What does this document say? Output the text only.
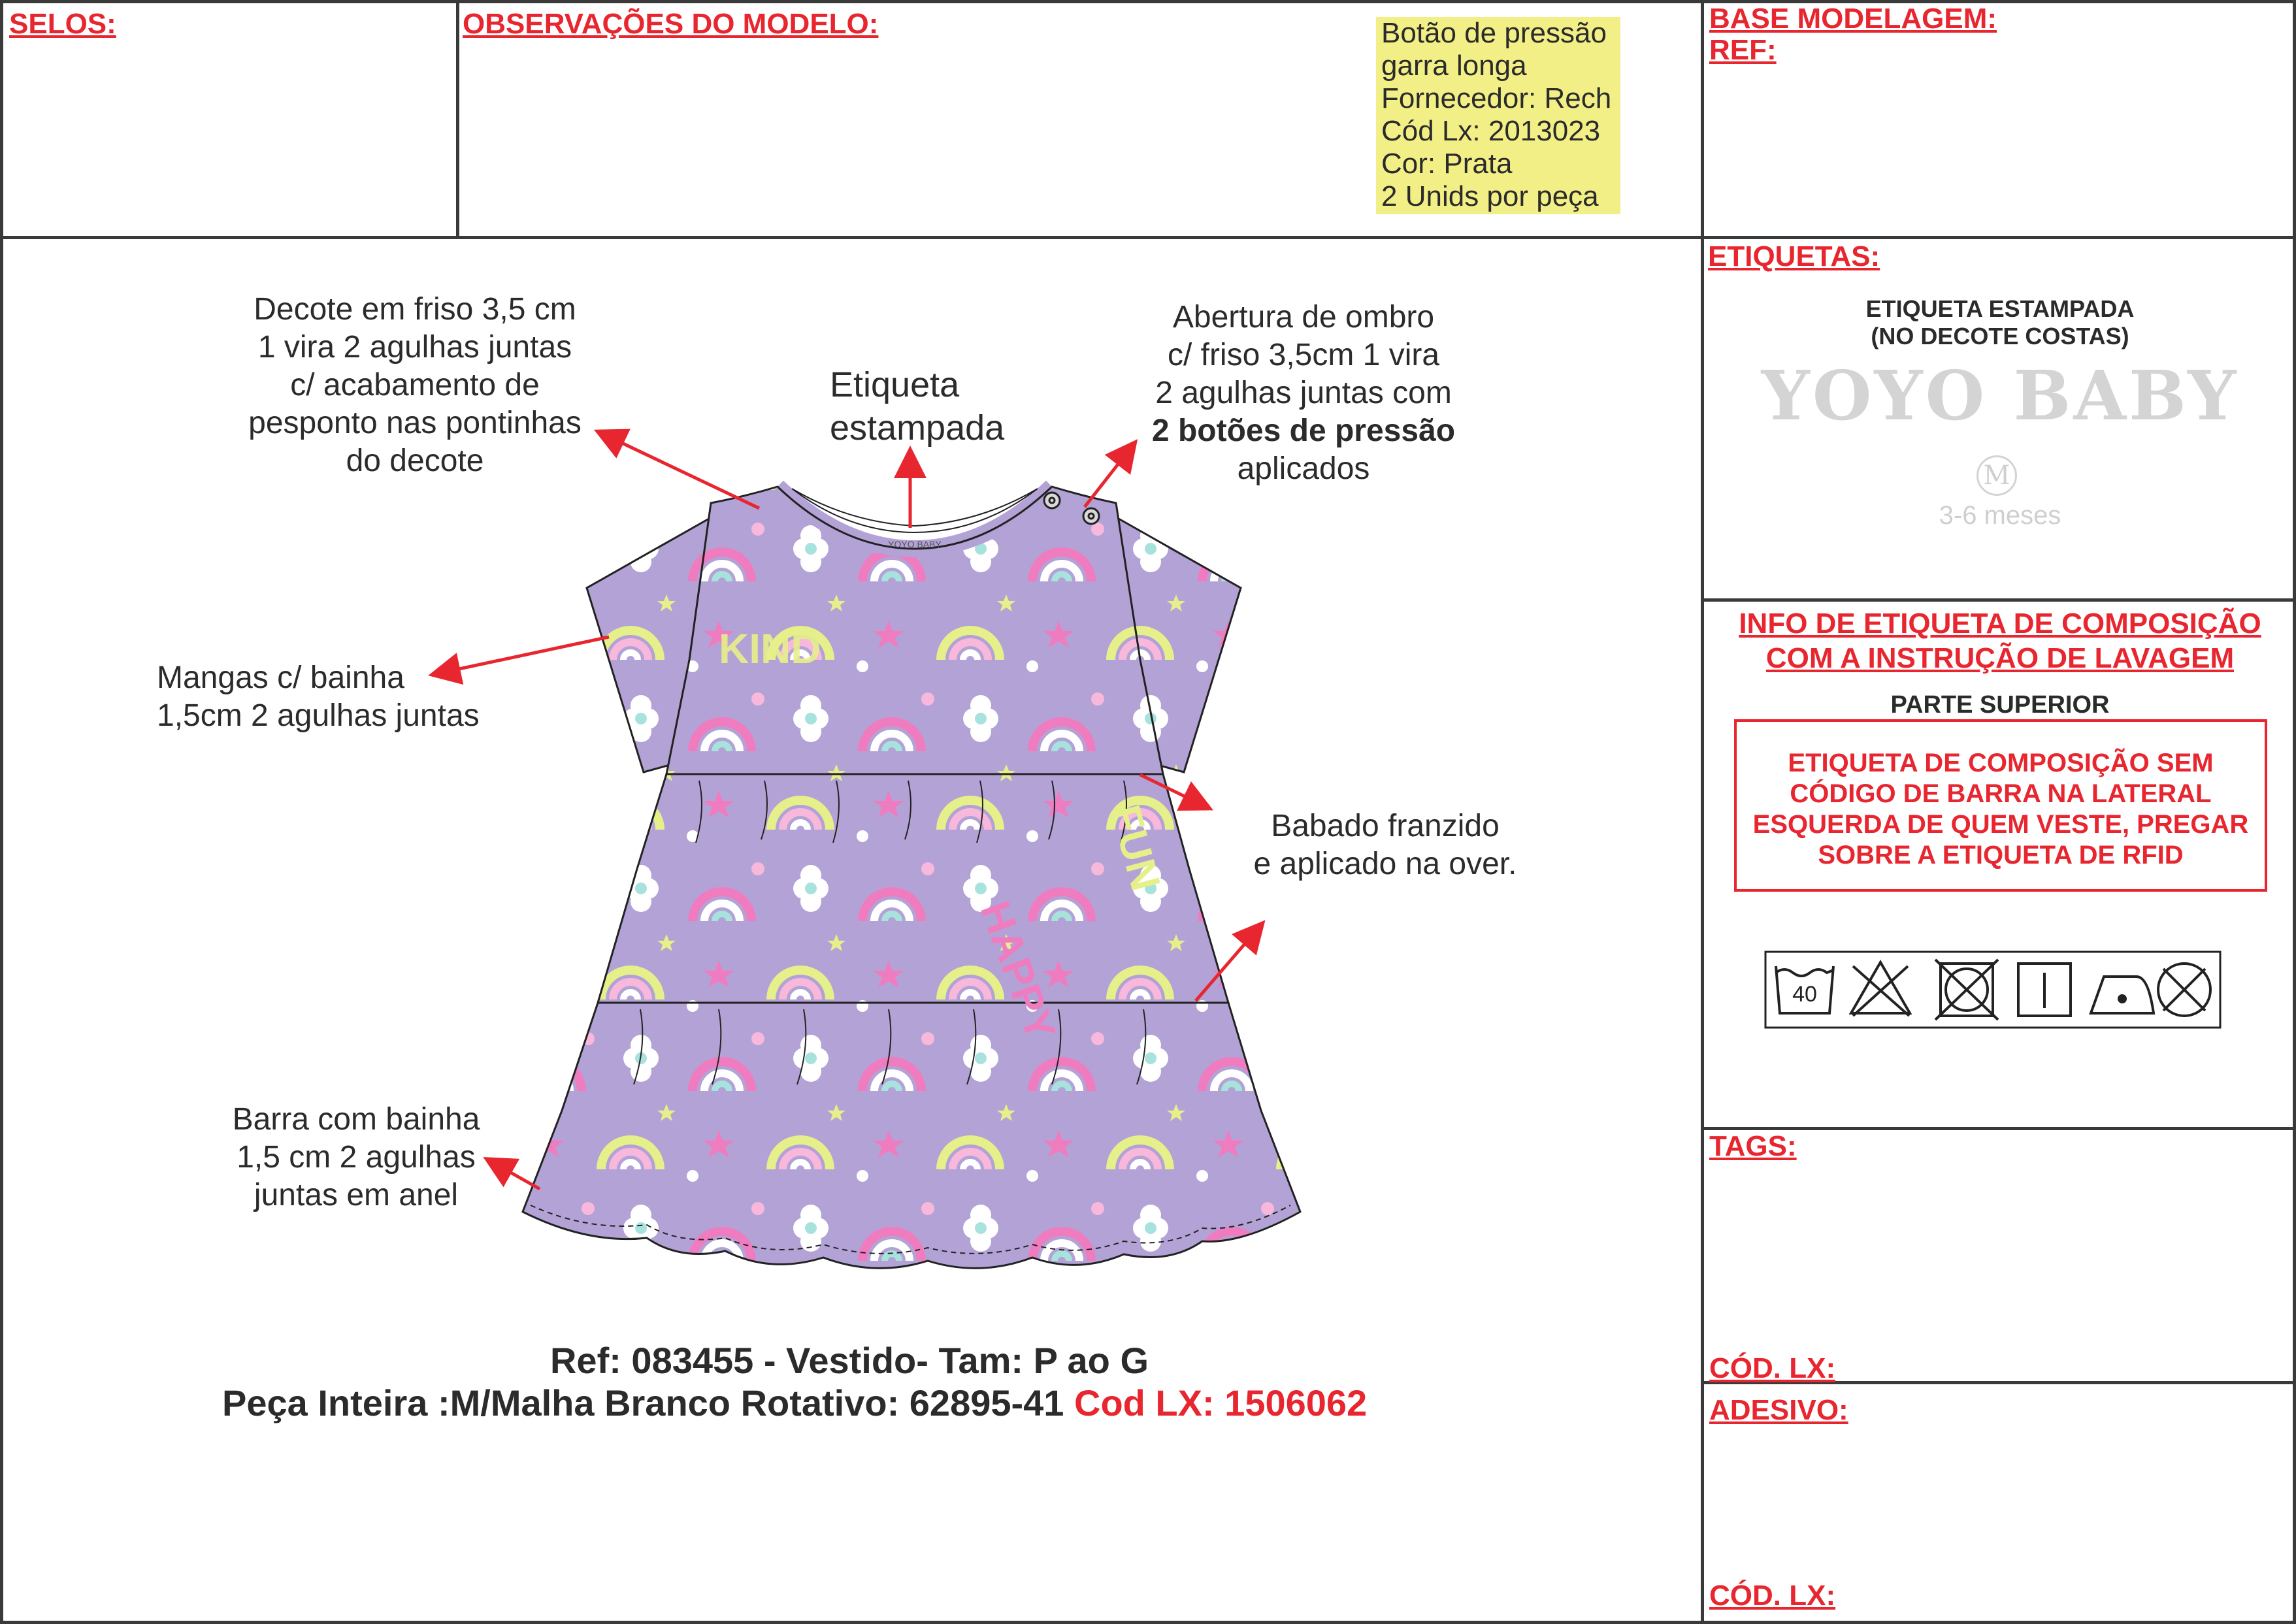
SELOS:	OBSERVAÇÕES DO MODELO:	Botão de pressão
garra longa
Fornecedor: Rech
Cód Lx: 2013023
Cor: Prata
2 Unids por peça
BASE MODELAGEM:
REF:
ETIQUETAS:
ETIQUETA ESTAMPADA
(NO DECOTE COSTAS)
YOYO BABY
M
3-6 meses
INFO DE ETIQUETA DE COMPOSIÇÃO
COM A INSTRUÇÃO DE LAVAGEM
PARTE SUPERIOR
ETIQUETA DE COMPOSIÇÃO SEM
CÓDIGO DE BARRA NA LATERAL
ESQUERDA DE QUEM VESTE, PREGAR
SOBRE A ETIQUETA DE RFID
40
TAGS:
CÓD. LX:
ADESIVO:
CÓD. LX:
YOYO BABY
KIND
HAPPY
FUN
Decote em friso 3,5 cm
1 vira 2 agulhas juntas
c/ acabamento de
pesponto nas pontinhas
do decote
Etiqueta
estampada
Abertura de ombro
c/ friso 3,5cm 1 vira
2 agulhas juntas com
2 botões de pressão
aplicados
Mangas c/ bainha
1,5cm 2 agulhas juntas
Babado franzido
e aplicado na over.
Barra com bainha
1,5 cm 2 agulhas
juntas em anel
Ref: 083455 - Vestido- Tam: P ao G
Peça Inteira :M/Malha Branco Rotativo: 62895-41 Cod LX: 1506062
